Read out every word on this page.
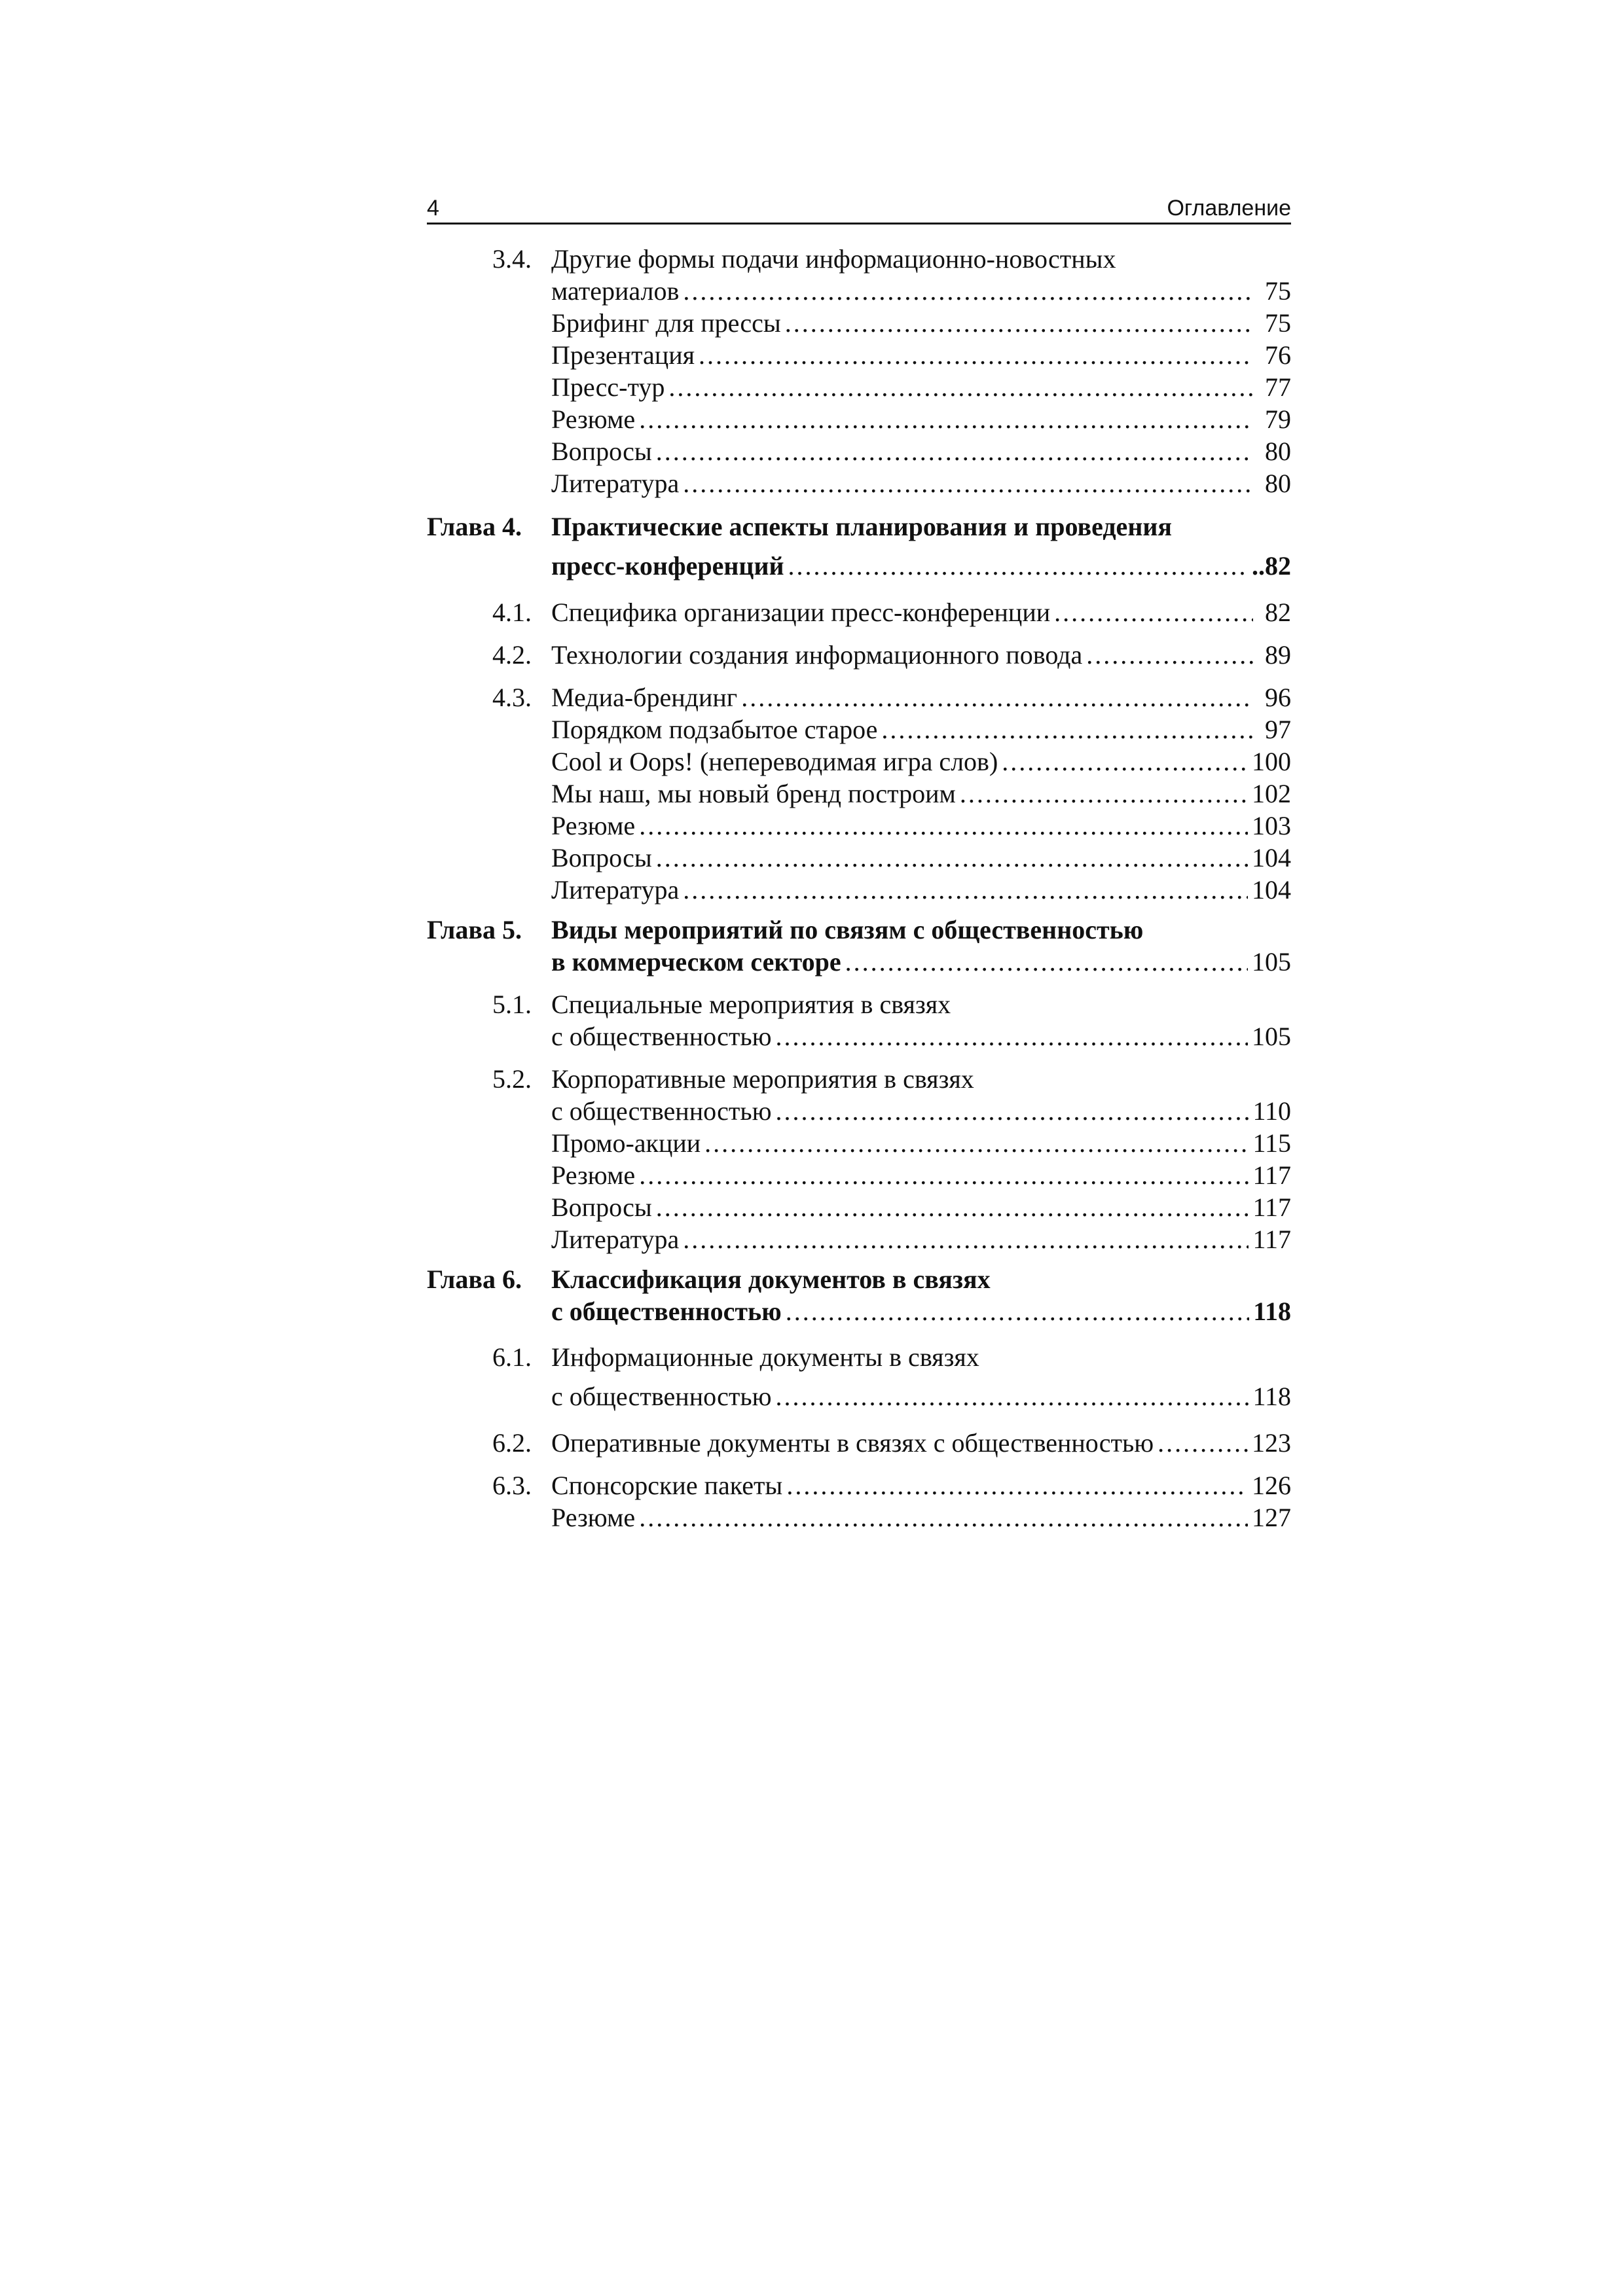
4	Оглавление
3.4. Другие формы подачи информационно-новостных
материалов .....	75
Брифинг для прессы .....	75
Презентация .....	76
Пресс-тур .....	77
Резюме .....	79
Вопросы .....	80
Литература .....	80
Глава 4.	Практические аспекты планирования и проведения
пресс-конференций .....	..82
4.1. Специфика организации пресс-конференции .....	82
4.2. Технологии создания информационного повода .....	89
4.3. Медиа-брендинг .....	96
Порядком подзабытое старое .....	97
Cool и Oops! (непереводимая игра слов) .....	100
Мы наш, мы новый бренд построим .....	102
Резюме .....	103
Вопросы .....	104
Литература .....	104
Глава 5.	Виды мероприятий по связям с общественностью
в коммерческом секторе .....	105
5.1. Специальные мероприятия в связях
с общественностью .....	105
5.2. Корпоративные мероприятия в связях
с общественностью .....	110
Промо-акции .....	115
Резюме .....	117
Вопросы .....	117
Литература .....	117
Глава 6.	Классификация документов в связях
с общественностью .....	118
6.1. Информационные документы в связях
с общественностью .....	118
6.2. Оперативные документы в связях с общественностью .....	123
6.3. Спонсорские пакеты .....	126
Резюме .....	127
